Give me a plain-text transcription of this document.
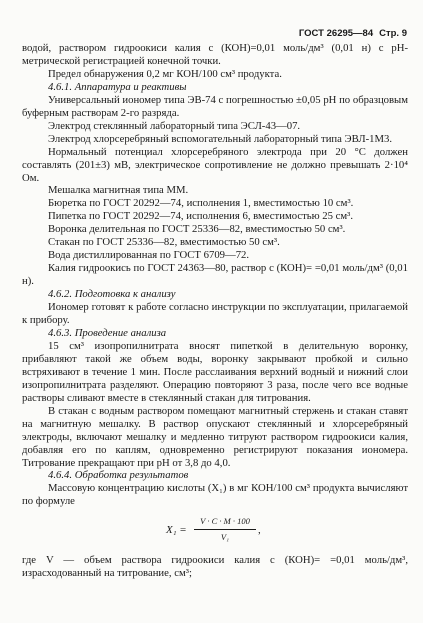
ГОСТ 26295—84 Стр. 9

водой, раствором гидроокиси калия с (КОН)=0,01 моль/дм³ (0,01 н) с рН-метрической регистрацией конечной точки.

Предел обнаружения 0,2 мг КОН/100 см³ продукта.

4.6.1. Аппаратура и реактивы

Универсальный иономер типа ЭВ-74 с погрешностью ±0,05 рН по образцовым буферным растворам 2-го разряда.

Электрод стеклянный лабораторный типа ЭСЛ-43—07.

Электрод хлорсеребряный вспомогательный лабораторный типа ЭВЛ-1М3.

Нормальный потенциал хлорсеребряного электрода при 20 °С должен составлять (201±3) мВ, электрическое сопротивление не должно превышать 2·10⁴ Ом.

Мешалка магнитная типа ММ.

Бюретка по ГОСТ 20292—74, исполнения 1, вместимостью 10 см³.

Пипетка по ГОСТ 20292—74, исполнения 6, вместимостью 25 см³.

Воронка делительная по ГОСТ 25336—82, вместимостью 50 см³.

Стакан по ГОСТ 25336—82, вместимостью 50 см³.

Вода дистиллированная по ГОСТ 6709—72.

Калия гидроокись по ГОСТ 24363—80, раствор с (КОН)= =0,01 моль/дм³ (0,01 н).

4.6.2. Подготовка к анализу

Иономер готовят к работе согласно инструкции по эксплуатации, прилагаемой к прибору.

4.6.3. Проведение анализа

15 см³ изопропилнитрата вносят пипеткой в делительную воронку, прибавляют такой же объем воды, воронку закрывают пробкой и сильно встряхивают в течение 1 мин. После расслаивания верхний водный и нижний слои изопропилнитрата разделяют. Операцию повторяют 3 раза, после чего все водные растворы сливают вместе в стеклянный стакан для титрования.

В стакан с водным раствором помещают магнитный стержень и стакан ставят на магнитную мешалку. В раствор опускают стеклянный и хлорсеребряный электроды, включают мешалку и медленно титруют раствором гидроокиси калия, добавляя его по каплям, одновременно регистрируют показания иономера. Титрование прекращают при рН от 3,8 до 4,0.

4.6.4. Обработка результатов

Массовую концентрацию кислоты (X₁) в мг КОН/100 см³ продукта вычисляют по формуле

$X_1 = \frac{V \cdot C \cdot M \cdot 100}{\text{V₁}}$ ,

где V — объем раствора гидроокиси калия с (КОН)= =0,01 моль/дм³, израсходованный на титрование, см³;
